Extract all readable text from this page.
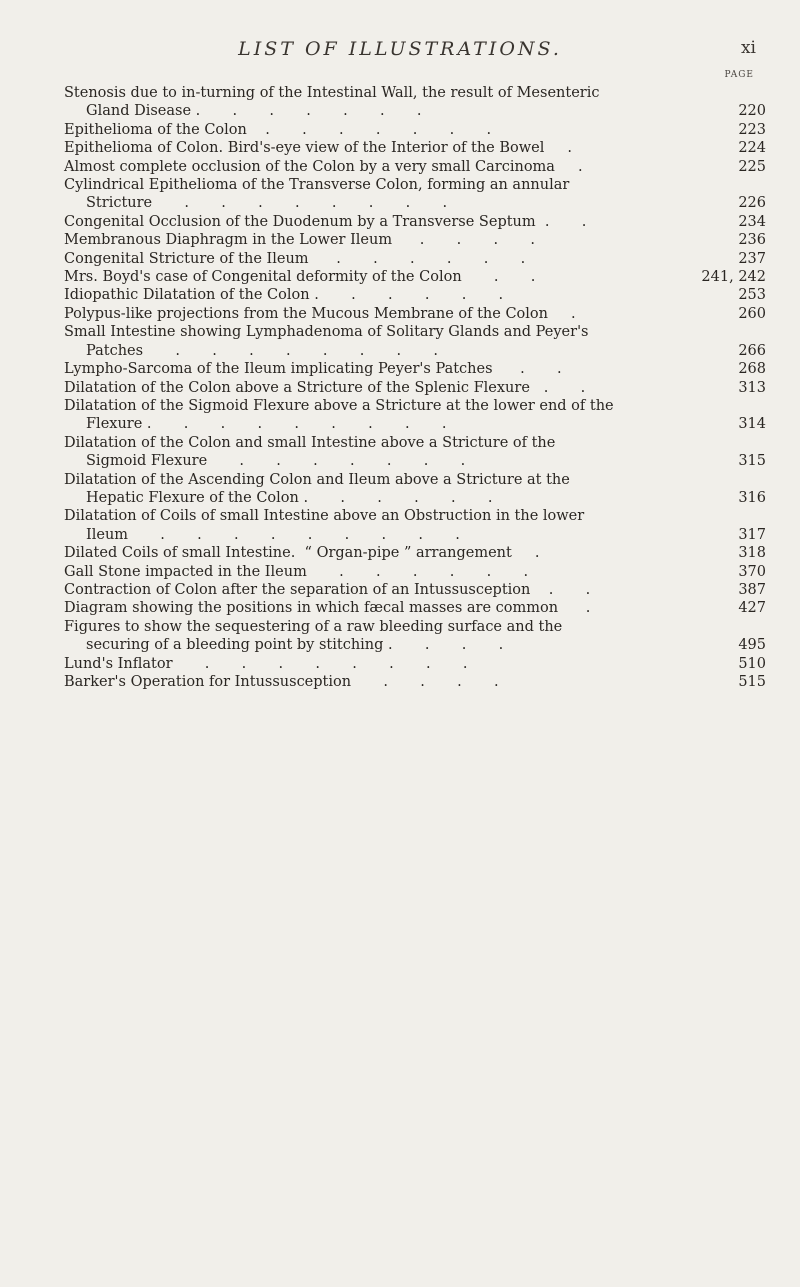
LIST OF ILLUSTRATIONS.	xi
PAGE
Stenosis due to in-turning of the Intestinal Wall, the result of Mesenteric
Gland Disease .       .       .       .       .       .       .	220
Epithelioma of the Colon    .       .       .       .       .       .       .	223
Epithelioma of Colon. Bird's-eye view of the Interior of the Bowel     .	224
Almost complete occlusion of the Colon by a very small Carcinoma     .	225
Cylindrical Epithelioma of the Transverse Colon, forming an annular
Stricture       .       .       .       .       .       .       .       .	226
Congenital Occlusion of the Duodenum by a Transverse Septum  .       .	234
Membranous Diaphragm in the Lower Ileum      .       .       .       .	236
Congenital Stricture of the Ileum      .       .       .       .       .       .	237
Mrs. Boyd's case of Congenital deformity of the Colon       .       .	241, 242
Idiopathic Dilatation of the Colon .       .       .       .       .       .	253
Polypus-like projections from the Mucous Membrane of the Colon     .	260
Small Intestine showing Lymphadenoma of Solitary Glands and Peyer's
Patches       .       .       .       .       .       .       .       .	266
Lympho-Sarcoma of the Ileum implicating Peyer's Patches      .       .	268
Dilatation of the Colon above a Stricture of the Splenic Flexure   .       .	313
Dilatation of the Sigmoid Flexure above a Stricture at the lower end of the
Flexure .       .       .       .       .       .       .       .       .	314
Dilatation of the Colon and small Intestine above a Stricture of the
Sigmoid Flexure       .       .       .       .       .       .       .	315
Dilatation of the Ascending Colon and Ileum above a Stricture at the
Hepatic Flexure of the Colon .       .       .       .       .       .	316
Dilatation of Coils of small Intestine above an Obstruction in the lower
Ileum       .       .       .       .       .       .       .       .       .	317
Dilated Coils of small Intestine.  “ Organ-pipe ” arrangement     .	318
Gall Stone impacted in the Ileum       .       .       .       .       .       .	370
Contraction of Colon after the separation of an Intussusception    .       .	387
Diagram showing the positions in which fæcal masses are common      .	427
Figures to show the sequestering of a raw bleeding surface and the
securing of a bleeding point by stitching .       .       .       .	495
Lund's Inflator       .       .       .       .       .       .       .       .	510
Barker's Operation for Intussusception       .       .       .       .	515
